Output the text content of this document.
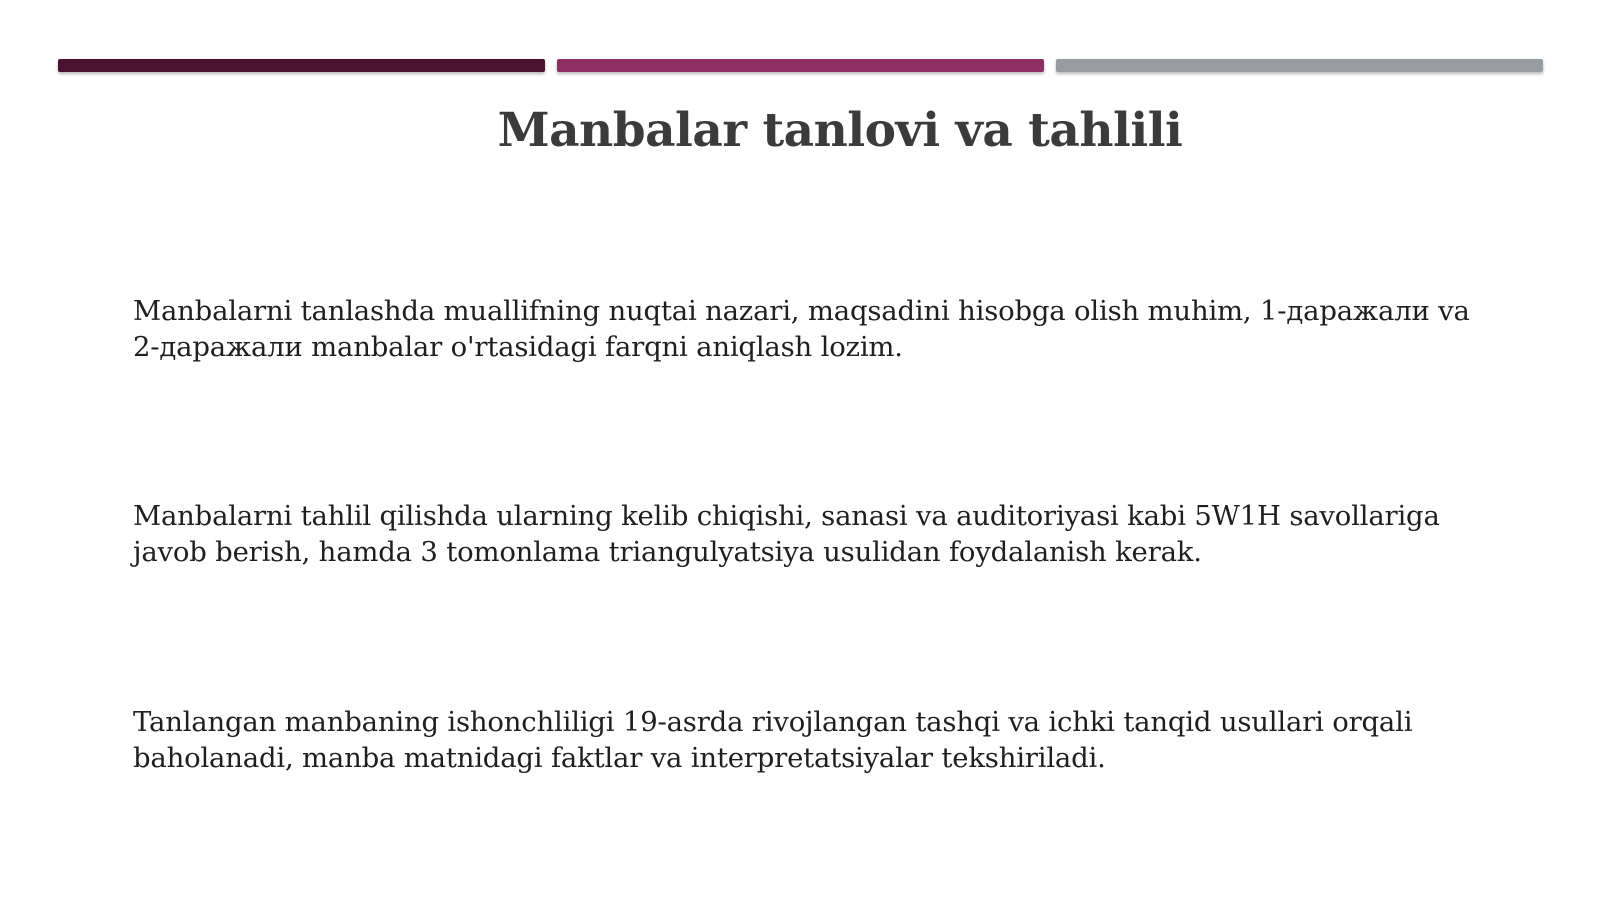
Manbalar tanlovi va tahlili

Manbalarni tanlashda muallifning nuqtai nazari, maqsadini hisobga olish muhim, 1-даражали va 2-даражали manbalar o'rtasidagi farqni aniqlash lozim.

Manbalarni tahlil qilishda ularning kelib chiqishi, sanasi va auditoriyasi kabi 5W1H savollariga javob berish, hamda 3 tomonlama triangulyatsiya usulidan foydalanish kerak.

Tanlangan manbaning ishonchliligi 19-asrda rivojlangan tashqi va ichki tanqid usullari orqali baholanadi, manba matnidagi faktlar va interpretatsiyalar tekshiriladi.
